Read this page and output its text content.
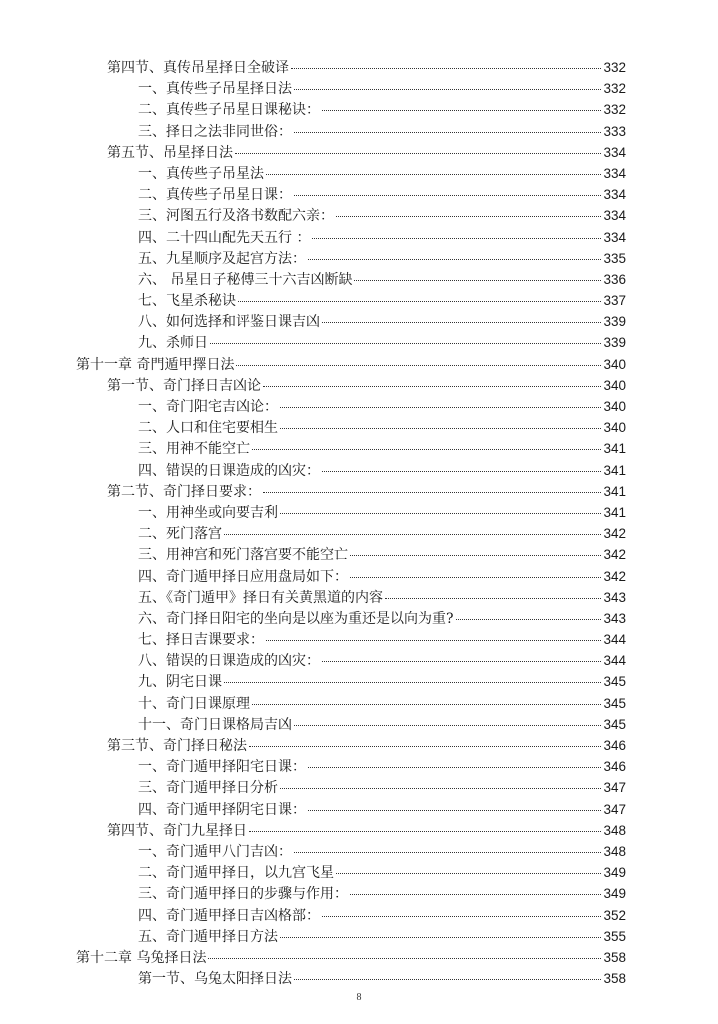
第四节、真传吊星择日全破译	332
一、真传些子吊星择日法	332
二、真传些子吊星日课秘诀：	332
三、择日之法非同世俗：	333
第五节、吊星择日法	334
一、真传些子吊星法	334
二、真传些子吊星日课：	334
三、河图五行及洛书数配六亲：	334
四、二十四山配先天五行 ：	334
五、九星顺序及起宫方法：	335
六、 吊星日子秘傅三十六吉凶断缺	336
七、飞星杀秘诀	337
八、如何选择和评鉴日课吉凶	339
九、杀师日	339
第十一章 奇門遁甲擇日法	340
第一节、奇门择日吉凶论	340
一、奇门阳宅吉凶论：	340
二、人口和住宅要相生	340
三、用神不能空亡	341
四、错误的日课造成的凶灾：	341
第二节、奇门择日要求：	341
一、用神坐或向要吉利	341
二、死门落宫	342
三、用神宫和死门落宫要不能空亡	342
四、奇门遁甲择日应用盘局如下：	342
五、《奇门遁甲》择日有关黄黑道的内容	343
六、奇门择日阳宅的坐向是以座为重还是以向为重?	343
七、择日吉课要求：	344
八、错误的日课造成的凶灾：	344
九、阴宅日课	345
十、奇门日课原理	345
十一、奇门日课格局吉凶	345
第三节、奇门择日秘法	346
一、奇门遁甲择阳宅日课：	346
三、奇门遁甲择日分析	347
四、奇门遁甲择阴宅日课：	347
第四节、奇门九星择日	348
一、奇门遁甲八门吉凶：	348
二、奇门遁甲择日，以九宫飞星	349
三、奇门遁甲择日的步骤与作用：	349
四、奇门遁甲择日吉凶格部：	352
五、奇门遁甲择日方法	355
第十二章 乌兔择日法	358
第一节、乌兔太阳择日法	358
8
